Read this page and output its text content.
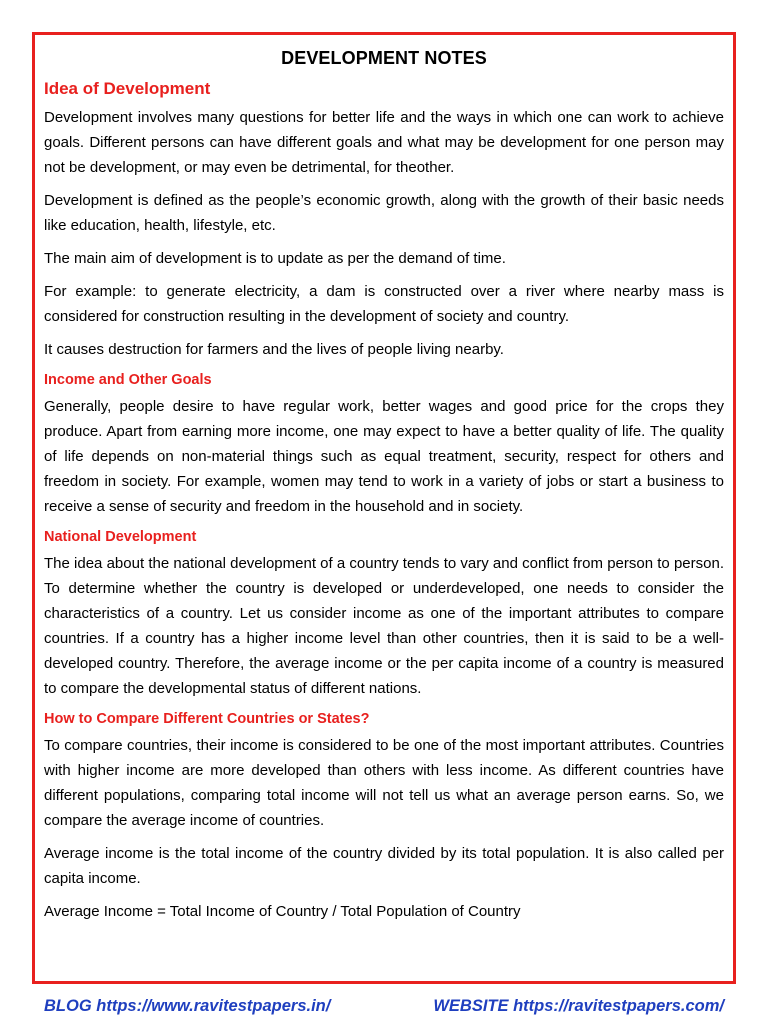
DEVELOPMENT NOTES
Idea of Development

Development involves many questions for better life and the ways in which one can work to achieve goals. Different persons can have different goals and what may be development for one person may not be development, or may even be detrimental, for theother.

Development is defined as the people’s economic growth, along with the growth of their basic needs like education, health, lifestyle, etc.

The main aim of development is to update as per the demand of time.

For example: to generate electricity, a dam is constructed over a river where nearby mass is considered for construction resulting in the development of society and country.

It causes destruction for farmers and the lives of people living nearby.

Income and Other Goals

Generally, people desire to have regular work, better wages and good price for the crops they produce. Apart from earning more income, one may expect to have a better quality of life. The quality of life depends on non-material things such as equal treatment, security, respect for others and freedom in society. For example, women may tend to work in a variety of jobs or start a business to receive a sense of security and freedom in the household and in society.

National Development

The idea about the national development of a country tends to vary and conflict from person to person. To determine whether the country is developed or underdeveloped, one needs to consider the characteristics of a country. Let us consider income as one of the important attributes to compare countries. If a country has a higher income level than other countries, then it is said to be a well-developed country. Therefore, the average income or the per capita income of a country is measured to compare the developmental status of different nations.

How to Compare Different Countries or States?

To compare countries, their income is considered to be one of the most important attributes. Countries with higher income are more developed than others with less income. As different countries have different populations, comparing total income will not tell us what an average person earns. So, we compare the average income of countries.

Average income is the total income of the country divided by its total population. It is also called per capita income.

Average Income = Total Income of Country / Total Population of Country

BLOG https://www.ravitestpapers.in/	WEBSITE https://ravitestpapers.com/
